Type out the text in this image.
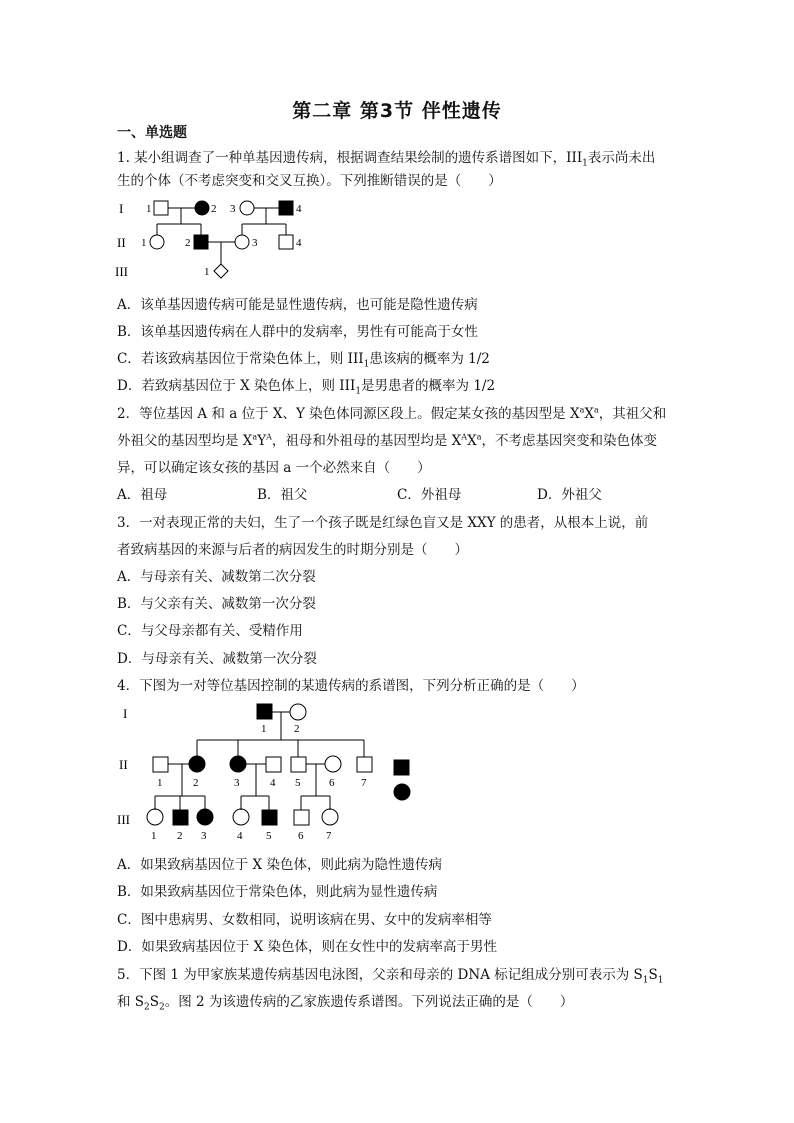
第二章 第3节 伴性遗传
一、单选题
1. 某小组调查了一种单基因遗传病，根据调查结果绘制的遗传系谱图如下，$III_1$表示尚未出
生的个体（不考虑突变和交叉互换）。下列推断错误的是（　　）
I
II
III
1	2 3	4
1	2	3	4
1
A．该单基因遗传病可能是显性遗传病，也可能是隐性遗传病
B．该单基因遗传病在人群中的发病率，男性有可能高于女性
C．若该致病基因位于常染色体上，则 $III_1$患该病的概率为 1/2
D．若致病基因位于 X 染色体上，则 $III_1$是男患者的概率为 1/2
2．等位基因 A 和 a 位于 X、Y 染色体同源区段上。假定某女孩的基因型是 $X^aX^a$，其祖父和
外祖父的基因型均是 $X^aY^A$，祖母和外祖母的基因型均是 $X^AX^a$，不考虑基因突变和染色体变
异，可以确定该女孩的基因 a 一个必然来自（　　）
A．祖母	B．祖父	C．外祖母	D．外祖父
3．一对表现正常的夫妇，生了一个孩子既是红绿色盲又是 XXY 的患者，从根本上说，前
者致病基因的来源与后者的病因发生的时期分别是（　　）
A．与母亲有关、减数第二次分裂
B．与父亲有关、减数第一次分裂
C．与父母亲都有关、受精作用
D．与母亲有关、减数第一次分裂
4．下图为一对等位基因控制的某遗传病的系谱图，下列分析正确的是（　　）
I
II
III
1	2
1	2	3	4 5	6 7
1 2 3	4 5 6 7
A．如果致病基因位于 X 染色体，则此病为隐性遗传病
B．如果致病基因位于常染色体，则此病为显性遗传病
C．图中患病男、女数相同，说明该病在男、女中的发病率相等
D．如果致病基因位于 X 染色体，则在女性中的发病率高于男性
5．下图 1 为甲家族某遗传病基因电泳图，父亲和母亲的 DNA 标记组成分别可表示为 $S_1S_1$
和 $S_2S_2$。图 2 为该遗传病的乙家族遗传系谱图。下列说法正确的是（　　）
